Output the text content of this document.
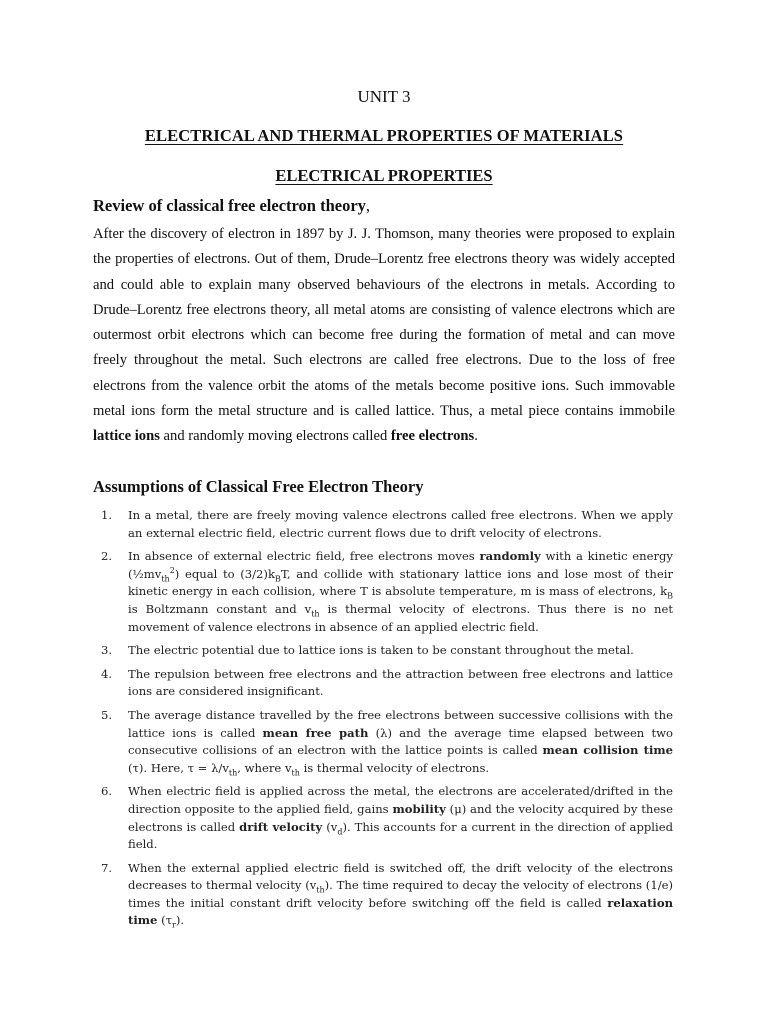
UNIT 3

ELECTRICAL AND THERMAL PROPERTIES OF MATERIALS

ELECTRICAL PROPERTIES

Review of classical free electron theory,

After the discovery of electron in 1897 by J. J. Thomson, many theories were proposed to explain the properties of electrons. Out of them, Drude–Lorentz free electrons theory was widely accepted and could able to explain many observed behaviours of the electrons in metals. According to Drude–Lorentz free electrons theory, all metal atoms are consisting of valence electrons which are outermost orbit electrons which can become free during the formation of metal and can move freely throughout the metal. Such electrons are called free electrons. Due to the loss of free electrons from the valence orbit the atoms of the metals become positive ions. Such immovable metal ions form the metal structure and is called lattice. Thus, a metal piece contains immobile lattice ions and randomly moving electrons called free electrons.

Assumptions of Classical Free Electron Theory

1. In a metal, there are freely moving valence electrons called free electrons. When we apply an external electric field, electric current flows due to drift velocity of electrons.
2. In absence of external electric field, free electrons moves randomly with a kinetic energy $(\frac{1}{2}mv_{th}^2)$ equal to $(3/2)k_BT$, and collide with stationary lattice ions and lose most of their kinetic energy in each collision, where T is absolute temperature, m is mass of electrons, $k_B$ is Boltzmann constant and $v_{th}$ is thermal velocity of electrons. Thus there is no net movement of valence electrons in absence of an applied electric field.
3. The electric potential due to lattice ions is taken to be constant throughout the metal.
4. The repulsion between free electrons and the attraction between free electrons and lattice ions are considered insignificant.
5. The average distance travelled by the free electrons between successive collisions with the lattice ions is called mean free path (λ) and the average time elapsed between two consecutive collisions of an electron with the lattice points is called mean collision time (τ). Here, $\tau = \lambda/v_{th}$, where $v_{th}$ is thermal velocity of electrons.
6. When electric field is applied across the metal, the electrons are accelerated/drifted in the direction opposite to the applied field, gains mobility (μ) and the velocity acquired by these electrons is called drift velocity $(v_d)$. This accounts for a current in the direction of applied field.
7. When the external applied electric field is switched off, the drift velocity of the electrons decreases to thermal velocity $(v_{th})$. The time required to decay the velocity of electrons (1/e) times the initial constant drift velocity before switching off the field is called relaxation time $(\tau_r)$.
